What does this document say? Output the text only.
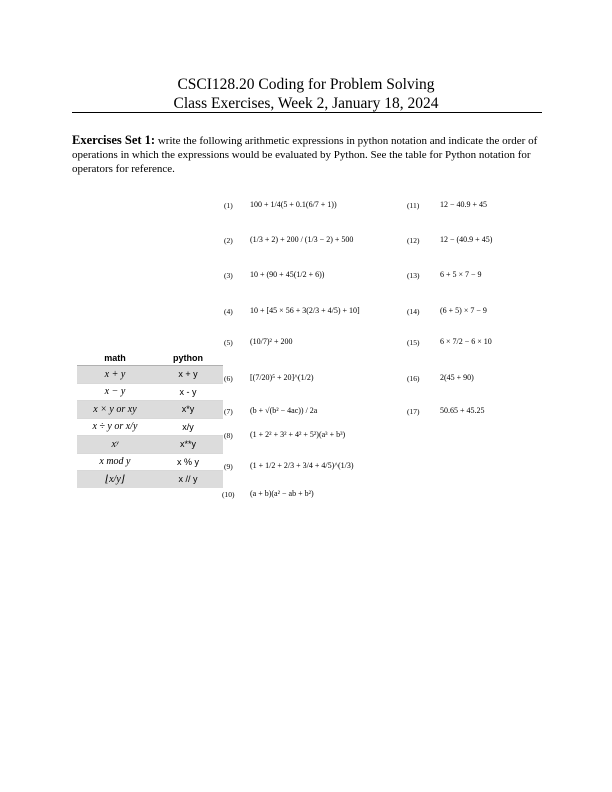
CSCI128.20 Coding for Problem Solving
Class Exercises, Week 2, January 18, 2024
Exercises Set 1: write the following arithmetic expressions in python notation and indicate the order of operations in which the expressions would be evaluated by Python. See the table for Python notation for operators for reference.
math	python
x + y	x + y
x − y	x - y
x × y or xy	x*y
x ÷ y or x/y	x/y
xʸ	x**y
x mod y	x % y
⌊x/y⌋	x // y
(1) 100 + 1/4(5 + 0.1(6/7 + 1))
(2) (1/3 + 2) + 200 / (1/3 − 2) + 500
(3) 10 + (90 + 45(1/2 + 6))
(4) 10 + [45 × 56 + 3(2/3 + 4/5) + 10]
(5) (10/7)² + 200
(6) [(7/20)⁵ + 20]^(1/2)
(7) (b + √(b² − 4ac)) / 2a
(8) (1 + 2² + 3² + 4² + 5²)(a³ + b³)
(9) (1 + 1/2 + 2/3 + 3/4 + 4/5)^(1/3)
(10) (a + b)(a² − ab + b²)
(11)	12 − 40.9 + 45
(12)	12 − (40.9 + 45)
(13)	6 + 5 × 7 − 9
(14)	(6 + 5) × 7 − 9
(15)	6 × 7/2 − 6 × 10
(16)	2(45 + 90)
(17)	50.65 + 45.25
